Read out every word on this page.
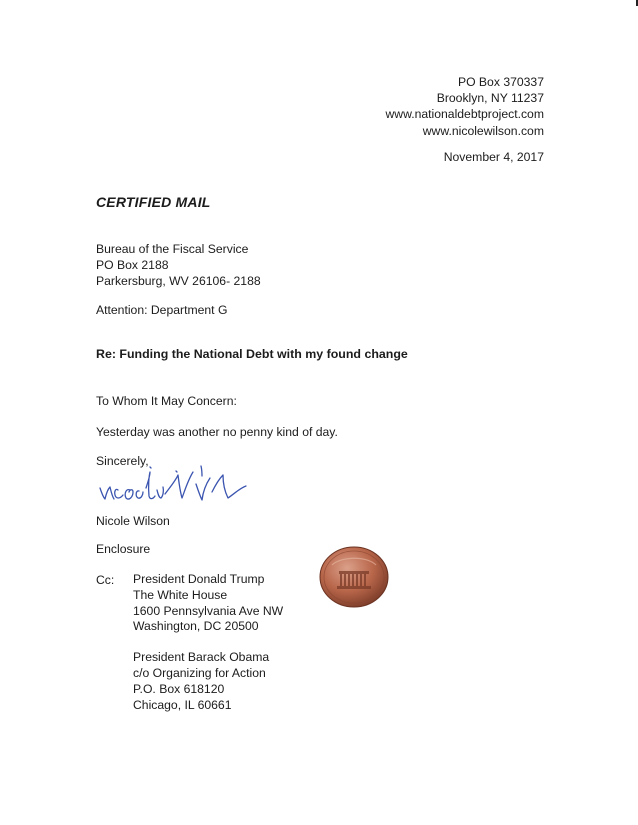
PO Box 370337
Brooklyn, NY 11237
www.nationaldebtproject.com
www.nicolewilson.com
November 4, 2017
CERTIFIED MAIL
Bureau of the Fiscal Service
PO Box 2188
Parkersburg, WV 26106- 2188
Attention: Department G
Re: Funding the National Debt with my found change
To Whom It May Concern:
Yesterday was another no penny kind of day.
Sincerely,
Nicole Wilson
Enclosure
Cc: President Donald Trump
The White House
1600 Pennsylvania Ave NW
Washington, DC 20500
President Barack Obama
c/o Organizing for Action
P.O. Box 618120
Chicago, IL 60661
